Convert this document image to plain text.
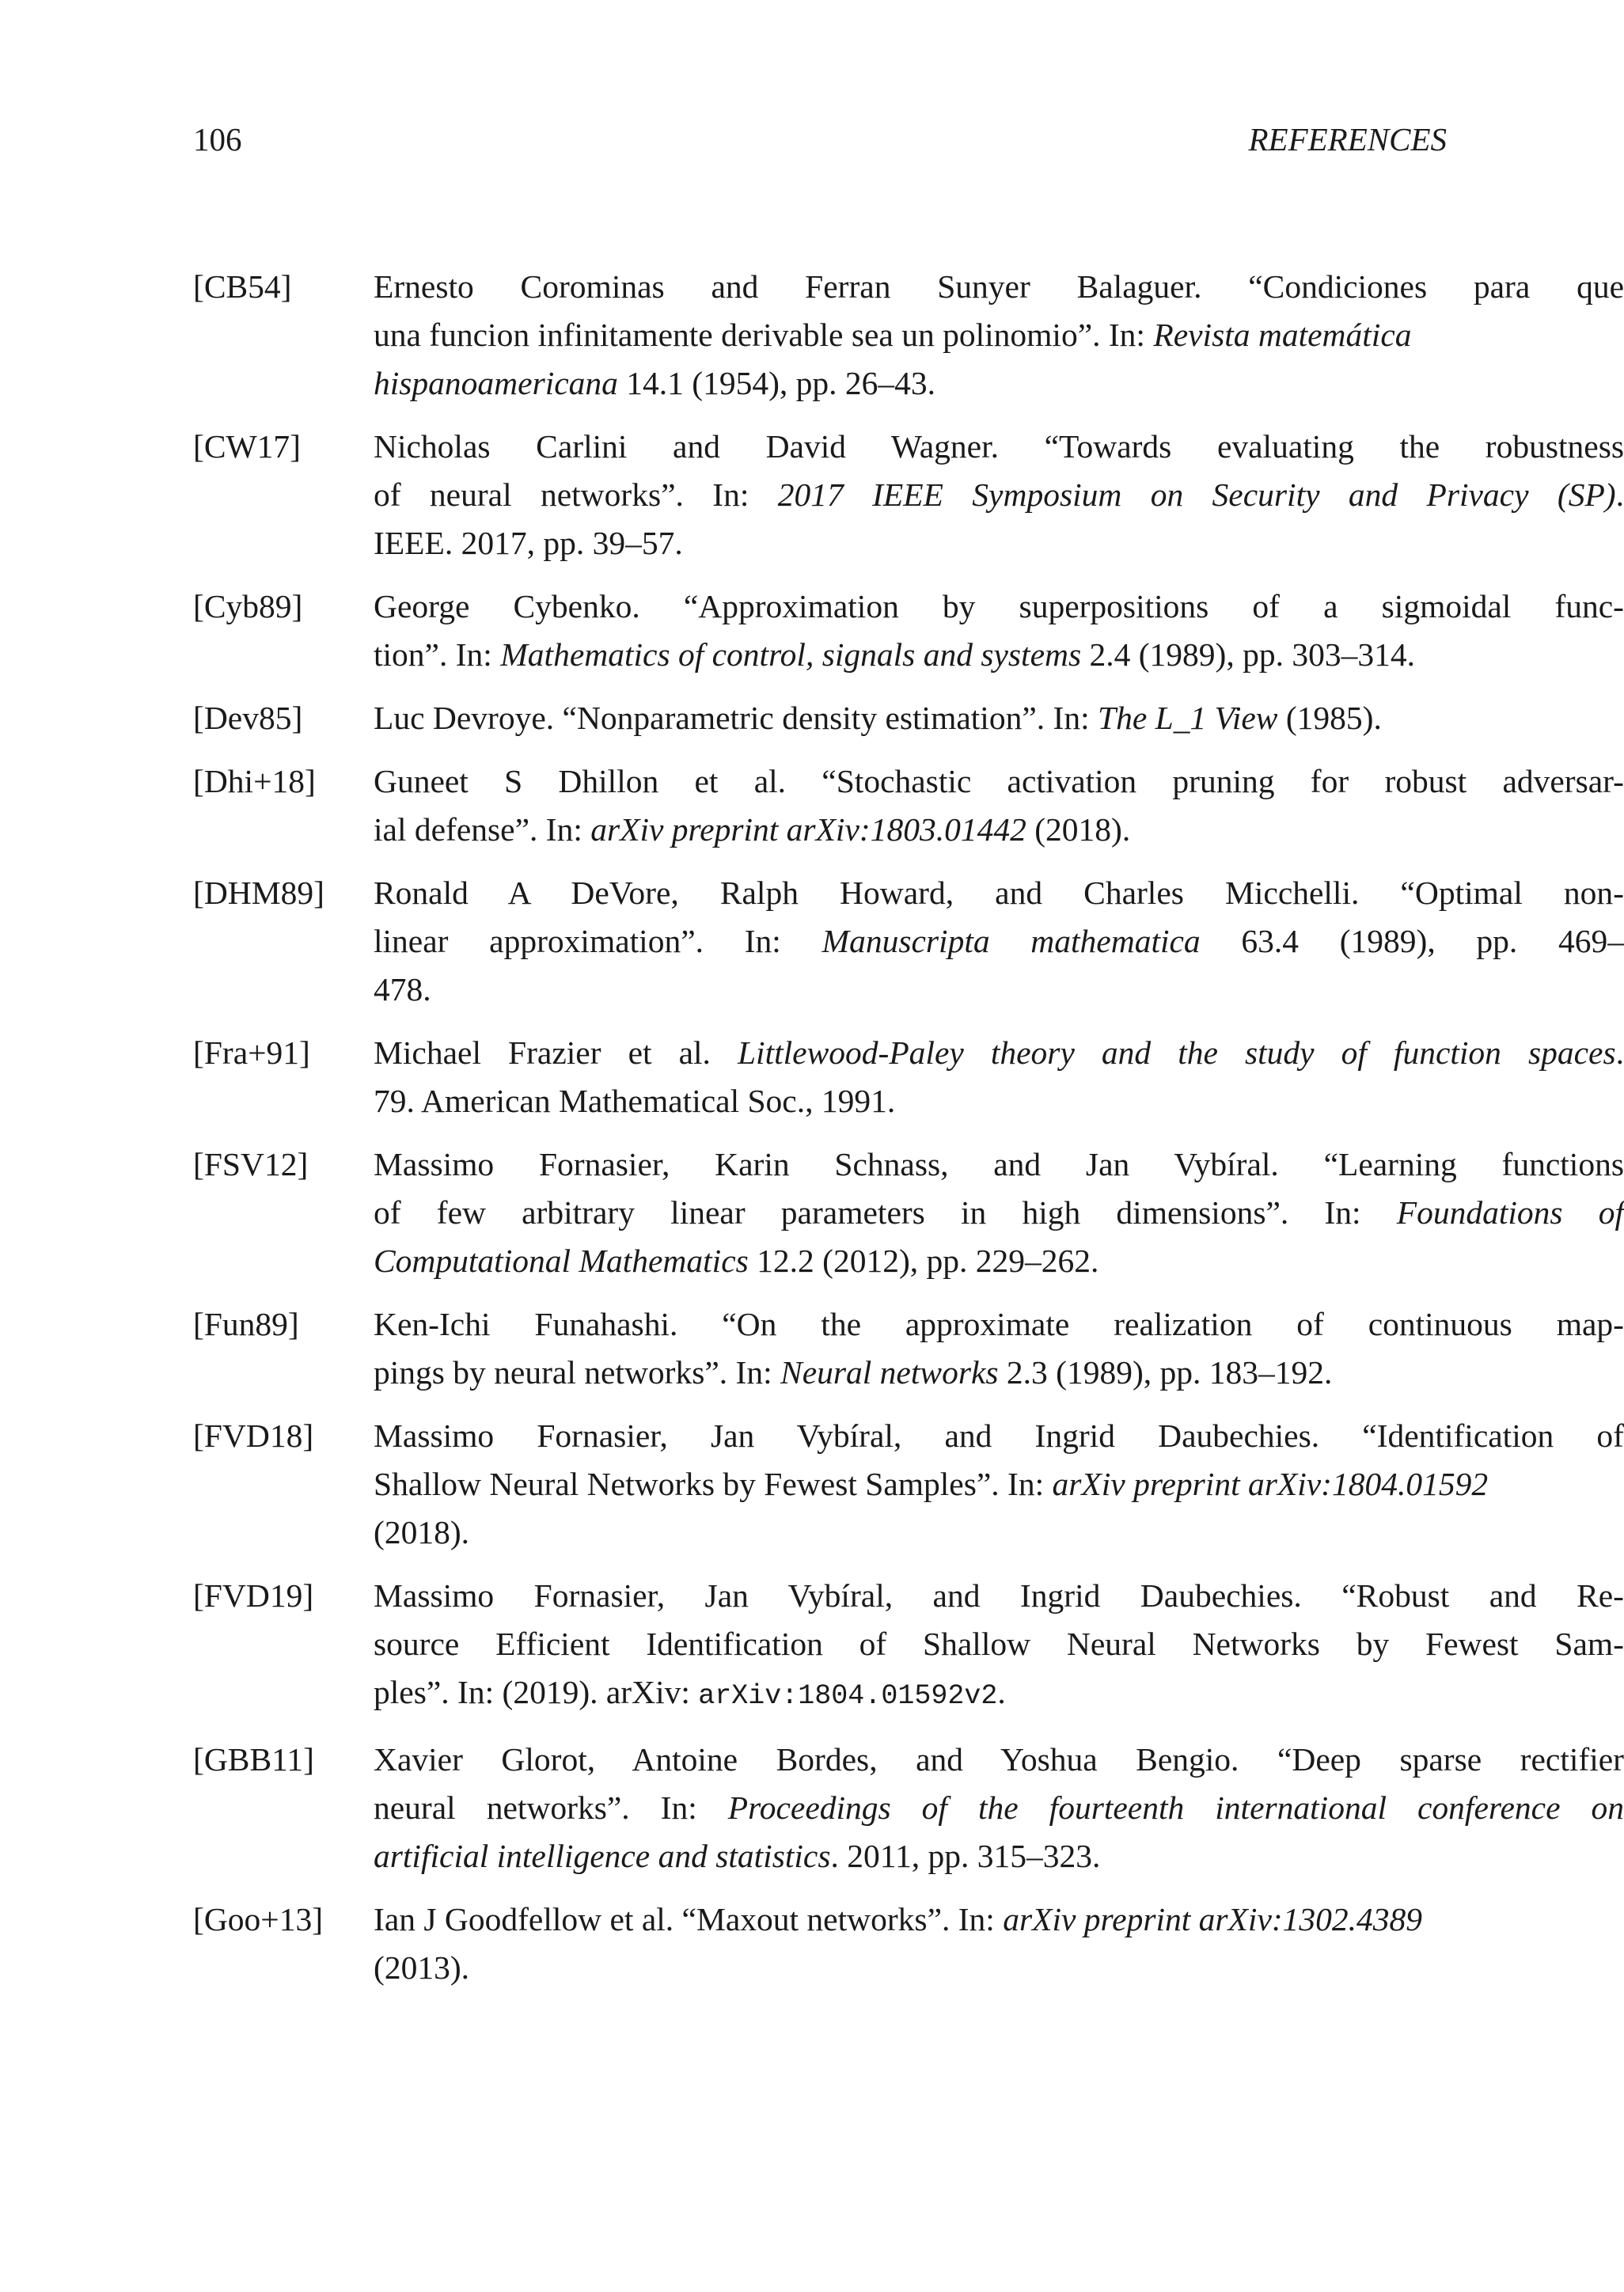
106	REFERENCES
[CB54] Ernesto Corominas and Ferran Sunyer Balaguer. “Condiciones para que
una funcion infinitamente derivable sea un polinomio”. In: Revista matemática
hispanoamericana 14.1 (1954), pp. 26–43.
[CW17] Nicholas Carlini and David Wagner. “Towards evaluating the robustness
of neural networks”. In: 2017 IEEE Symposium on Security and Privacy (SP).
IEEE. 2017, pp. 39–57.
[Cyb89] George Cybenko. “Approximation by superpositions of a sigmoidal func-
tion”. In: Mathematics of control, signals and systems 2.4 (1989), pp. 303–314.
[Dev85] Luc Devroye. “Nonparametric density estimation”. In: The L_1 View (1985).
[Dhi+18] Guneet S Dhillon et al. “Stochastic activation pruning for robust adversar-
ial defense”. In: arXiv preprint arXiv:1803.01442 (2018).
[DHM89] Ronald A DeVore, Ralph Howard, and Charles Micchelli. “Optimal non-
linear approximation”. In: Manuscripta mathematica 63.4 (1989), pp. 469–
478.
[Fra+91] Michael Frazier et al. Littlewood-Paley theory and the study of function spaces.
79. American Mathematical Soc., 1991.
[FSV12] Massimo Fornasier, Karin Schnass, and Jan Vybíral. “Learning functions
of few arbitrary linear parameters in high dimensions”. In: Foundations of
Computational Mathematics 12.2 (2012), pp. 229–262.
[Fun89] Ken-Ichi Funahashi. “On the approximate realization of continuous map-
pings by neural networks”. In: Neural networks 2.3 (1989), pp. 183–192.
[FVD18] Massimo Fornasier, Jan Vybíral, and Ingrid Daubechies. “Identification of
Shallow Neural Networks by Fewest Samples”. In: arXiv preprint arXiv:1804.01592
(2018).
[FVD19] Massimo Fornasier, Jan Vybíral, and Ingrid Daubechies. “Robust and Re-
source Efficient Identification of Shallow Neural Networks by Fewest Sam-
ples”. In: (2019). arXiv: arXiv:1804.01592v2.
[GBB11] Xavier Glorot, Antoine Bordes, and Yoshua Bengio. “Deep sparse rectifier
neural networks”. In: Proceedings of the fourteenth international conference on
artificial intelligence and statistics. 2011, pp. 315–323.
[Goo+13] Ian J Goodfellow et al. “Maxout networks”. In: arXiv preprint arXiv:1302.4389
(2013).
